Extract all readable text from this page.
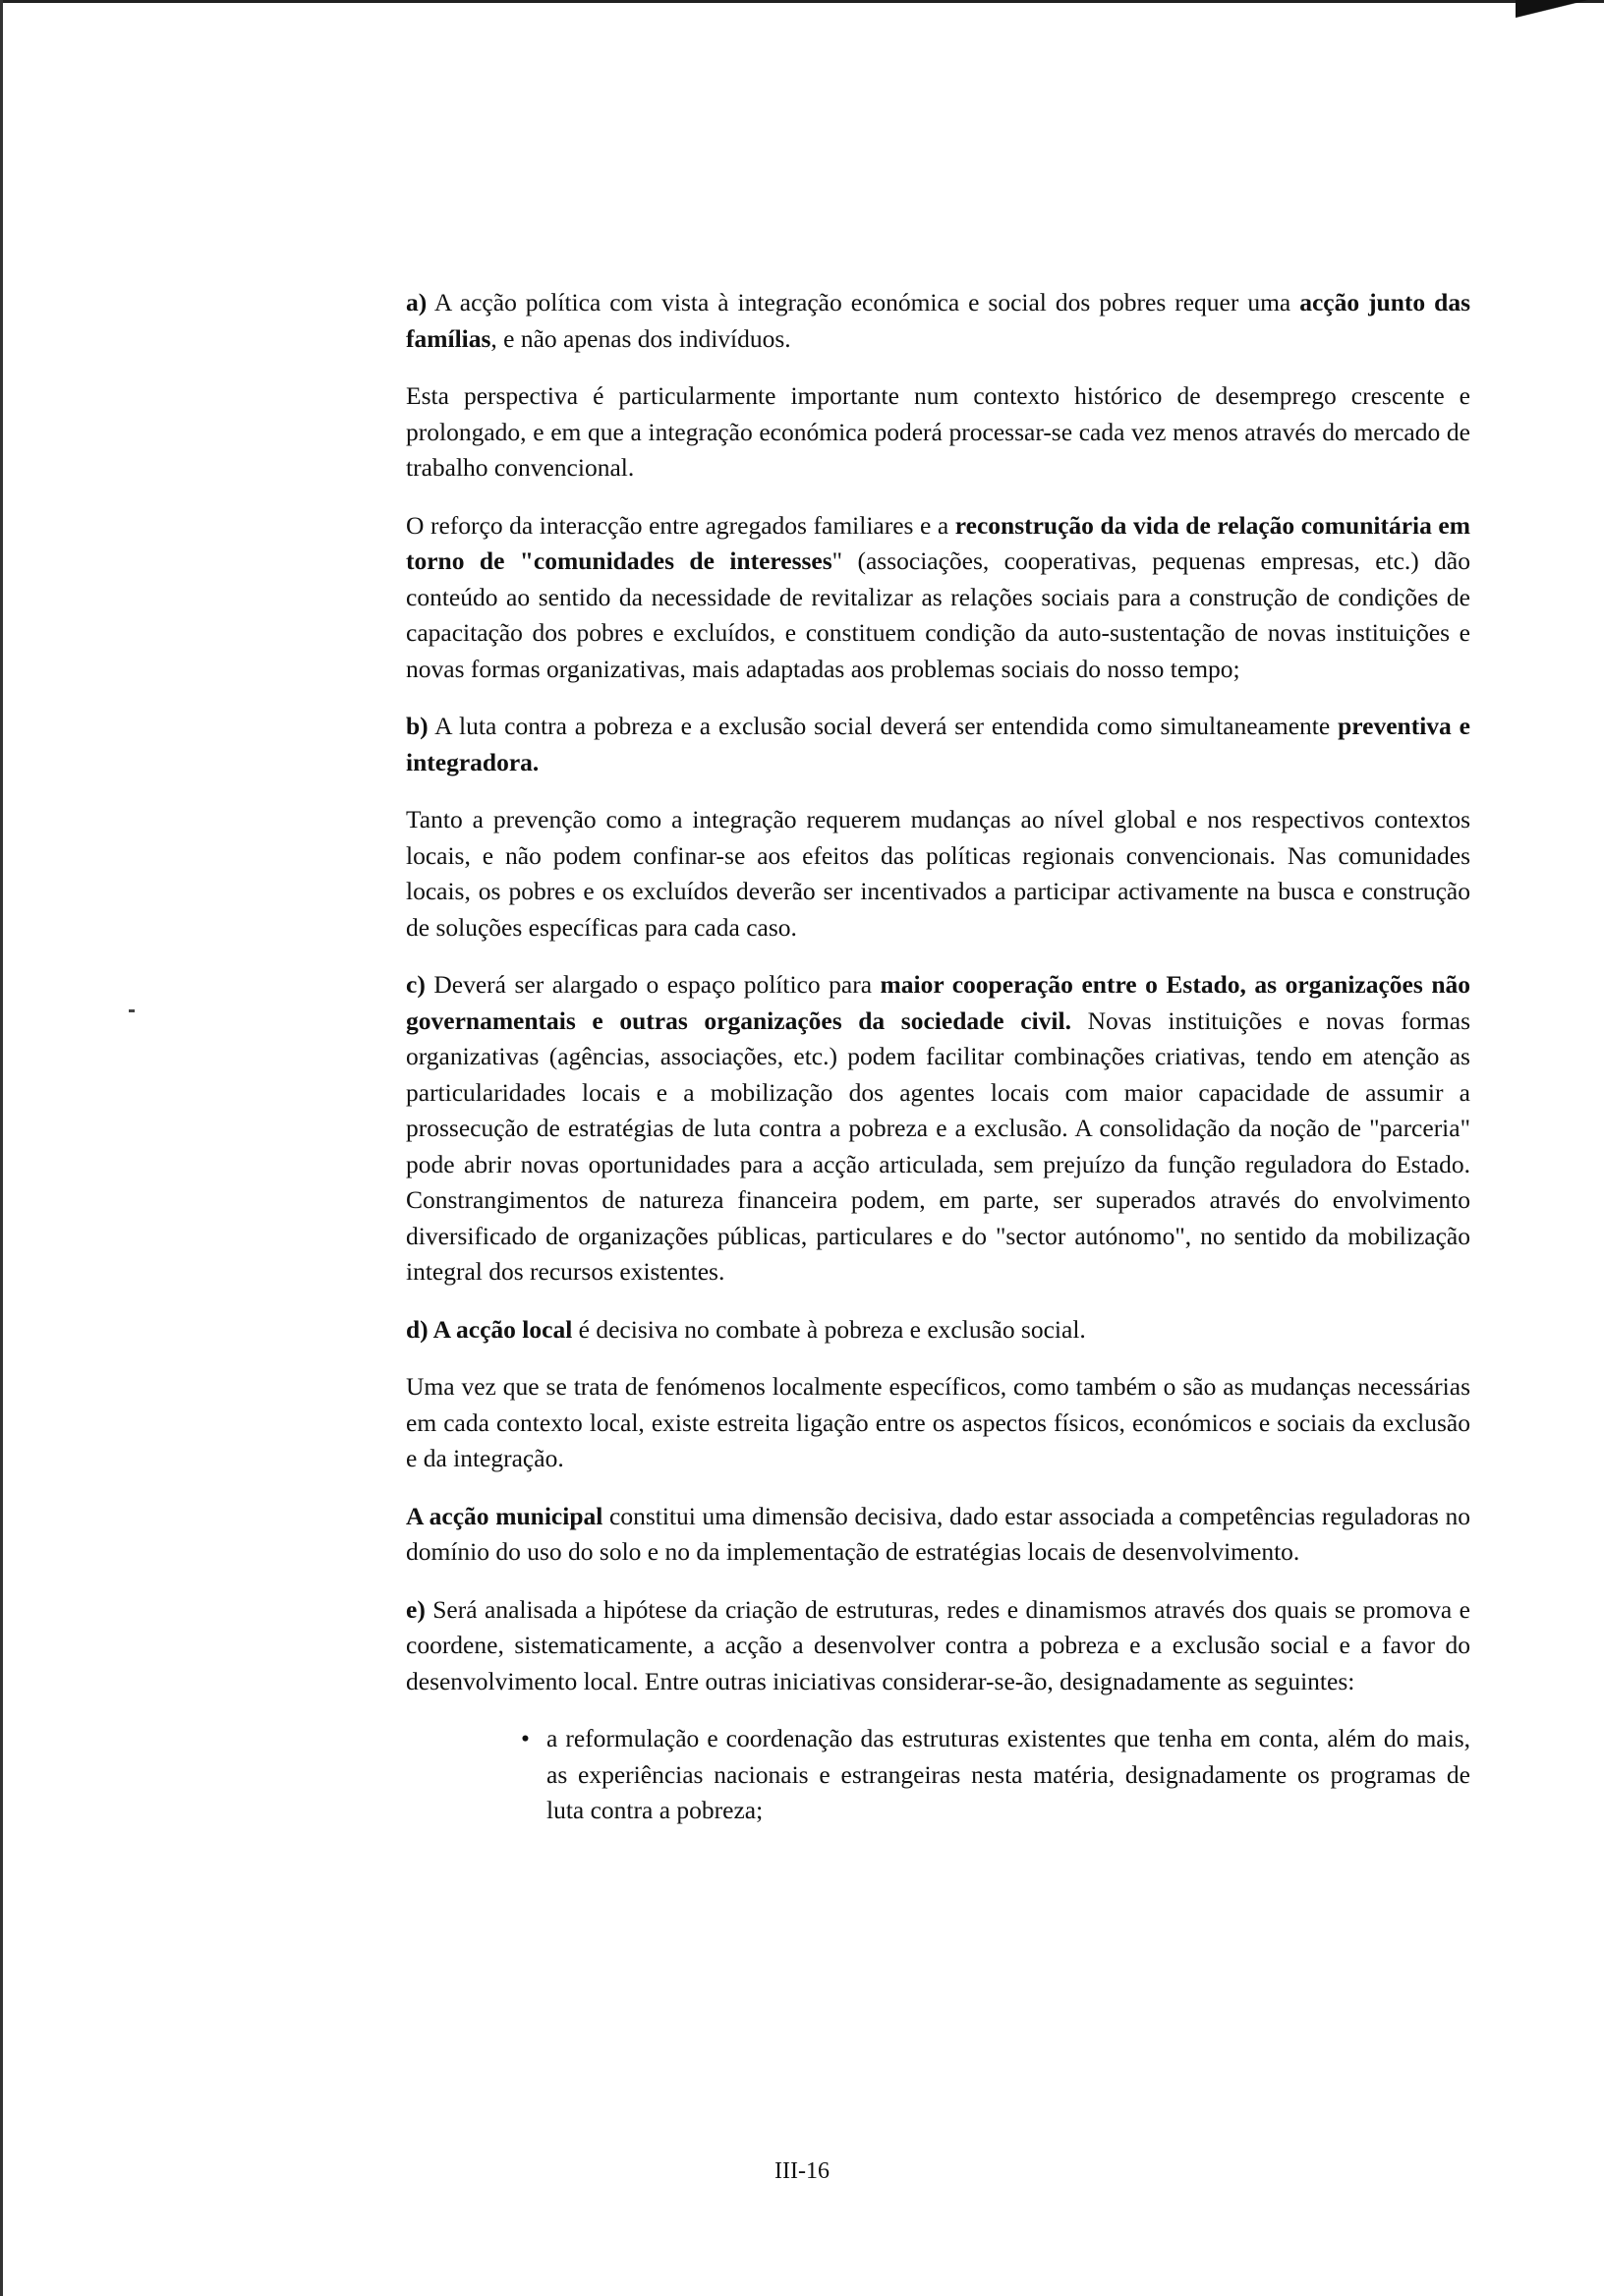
a) A acção política com vista à integração económica e social dos pobres requer uma acção junto das famílias, e não apenas dos indivíduos.

Esta perspectiva é particularmente importante num contexto histórico de desemprego crescente e prolongado, e em que a integração económica poderá processar-se cada vez menos através do mercado de trabalho convencional.

O reforço da interacção entre agregados familiares e a reconstrução da vida de relação comunitária em torno de "comunidades de interesses" (associações, cooperativas, pequenas empresas, etc.) dão conteúdo ao sentido da necessidade de revitalizar as relações sociais para a construção de condições de capacitação dos pobres e excluídos, e constituem condição da auto-sustentação de novas instituições e novas formas organizativas, mais adaptadas aos problemas sociais do nosso tempo;

b) A luta contra a pobreza e a exclusão social deverá ser entendida como simultaneamente preventiva e integradora.

Tanto a prevenção como a integração requerem mudanças ao nível global e nos respectivos contextos locais, e não podem confinar-se aos efeitos das políticas regionais convencionais. Nas comunidades locais, os pobres e os excluídos deverão ser incentivados a participar activamente na busca e construção de soluções específicas para cada caso.

c) Deverá ser alargado o espaço político para maior cooperação entre o Estado, as organizações não governamentais e outras organizações da sociedade civil. Novas instituições e novas formas organizativas (agências, associações, etc.) podem facilitar combinações criativas, tendo em atenção as particularidades locais e a mobilização dos agentes locais com maior capacidade de assumir a prossecução de estratégias de luta contra a pobreza e a exclusão. A consolidação da noção de "parceria" pode abrir novas oportunidades para a acção articulada, sem prejuízo da função reguladora do Estado. Constrangimentos de natureza financeira podem, em parte, ser superados através do envolvimento diversificado de organizações públicas, particulares e do "sector autónomo", no sentido da mobilização integral dos recursos existentes.

d) A acção local é decisiva no combate à pobreza e exclusão social.

Uma vez que se trata de fenómenos localmente específicos, como também o são as mudanças necessárias em cada contexto local, existe estreita ligação entre os aspectos físicos, económicos e sociais da exclusão e da integração.

A acção municipal constitui uma dimensão decisiva, dado estar associada a competências reguladoras no domínio do uso do solo e no da implementação de estratégias locais de desenvolvimento.

e) Será analisada a hipótese da criação de estruturas, redes e dinamismos através dos quais se promova e coordene, sistematicamente, a acção a desenvolver contra a pobreza e a exclusão social e a favor do desenvolvimento local. Entre outras iniciativas considerar-se-ão, designadamente as seguintes:

• a reformulação e coordenação das estruturas existentes que tenha em conta, além do mais, as experiências nacionais e estrangeiras nesta matéria, designadamente os programas de luta contra a pobreza;

III-16
